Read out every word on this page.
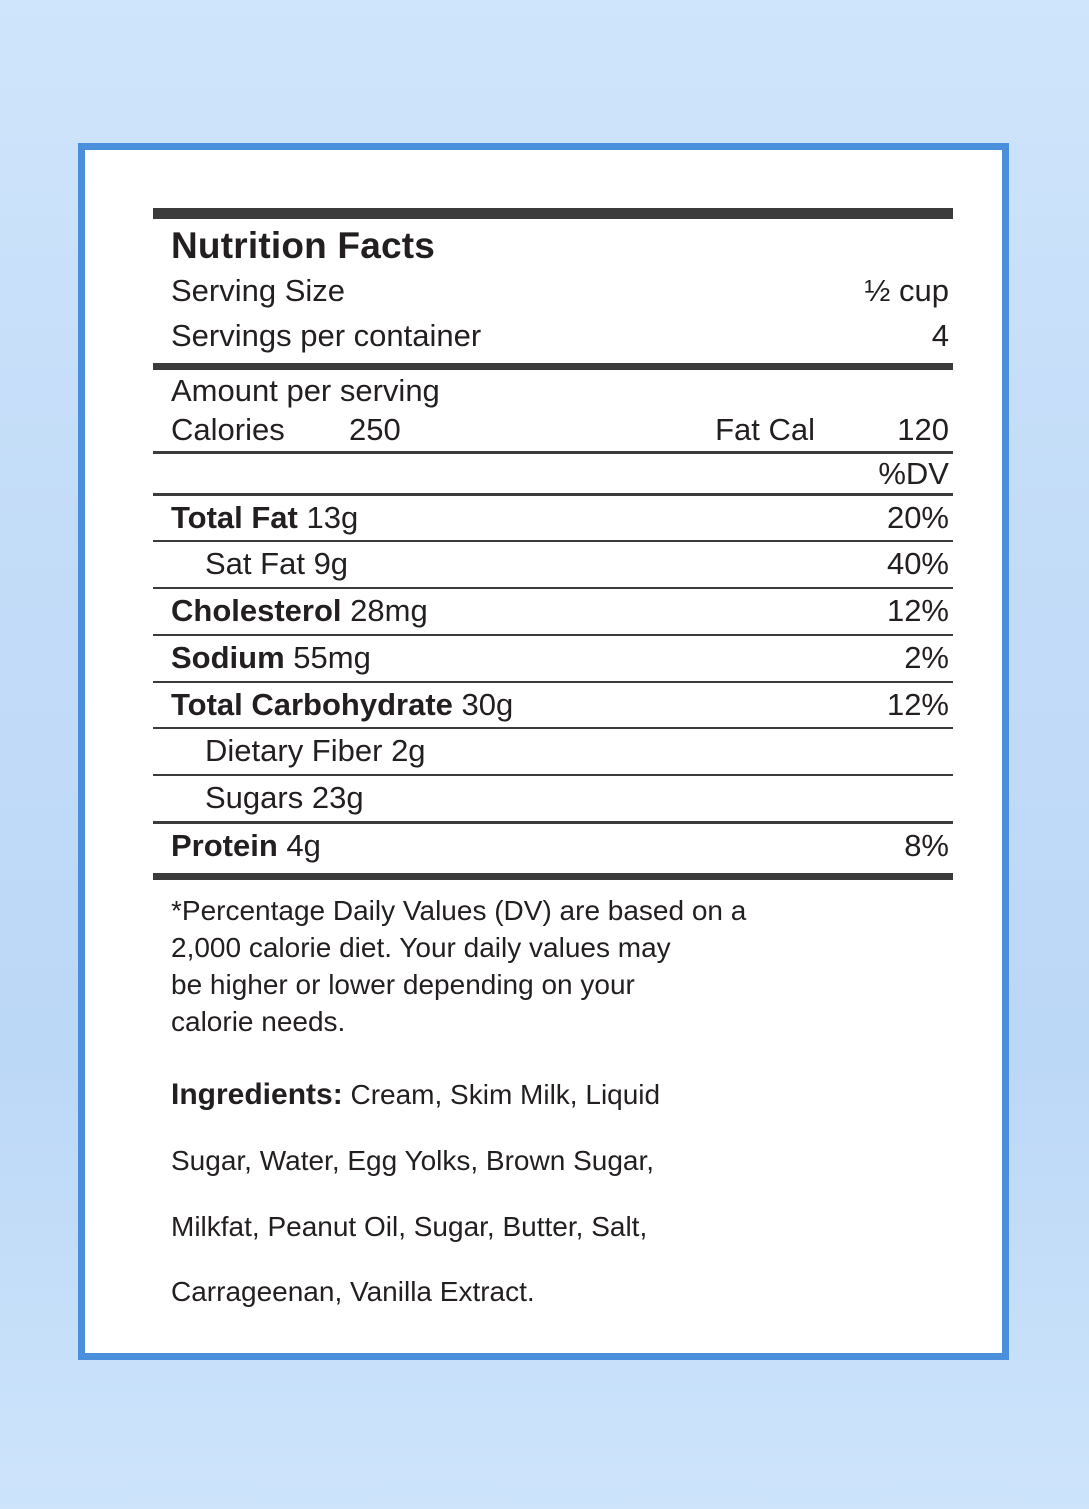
Nutrition Facts
Serving Size	½ cup
Servings per container	4
Amount per serving
Calories	250	Fat Cal	120
%DV
Total Fat 13g	20%
Sat Fat 9g	40%
Cholesterol 28mg	12%
Sodium 55mg	2%
Total Carbohydrate 30g	12%
Dietary Fiber 2g
Sugars 23g
Protein 4g	8%

*Percentage Daily Values (DV) are based on a

2,000 calorie diet. Your daily values may

be higher or lower depending on your

calorie needs.

Ingredients: Cream, Skim Milk, Liquid

Sugar, Water, Egg Yolks, Brown Sugar,

Milkfat, Peanut Oil, Sugar, Butter, Salt,

Carrageenan, Vanilla Extract.
